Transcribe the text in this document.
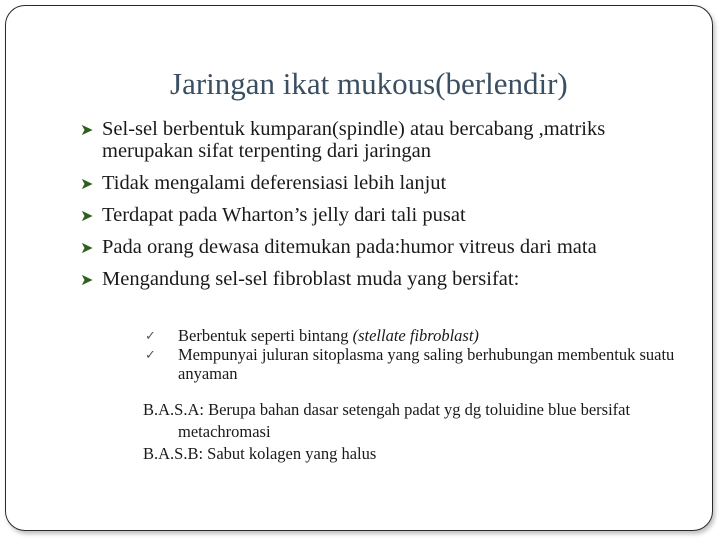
Jaringan ikat mukous(berlendir)
➤ Sel-sel berbentuk kumparan(spindle) atau bercabang ,matriks merupakan sifat terpenting dari jaringan
➤ Tidak mengalami deferensiasi lebih lanjut
➤ Terdapat pada Wharton’s jelly dari tali pusat
➤ Pada orang dewasa ditemukan pada:humor vitreus dari mata
➤ Mengandung sel-sel fibroblast muda yang bersifat:
✓ Berbentuk seperti bintang (stellate fibroblast)
✓ Mempunyai juluran sitoplasma yang saling berhubungan membentuk suatu anyaman
B.A.S.A: Berupa bahan dasar setengah padat yg dg toluidine blue bersifat metachromasi
B.A.S.B: Sabut kolagen yang halus
